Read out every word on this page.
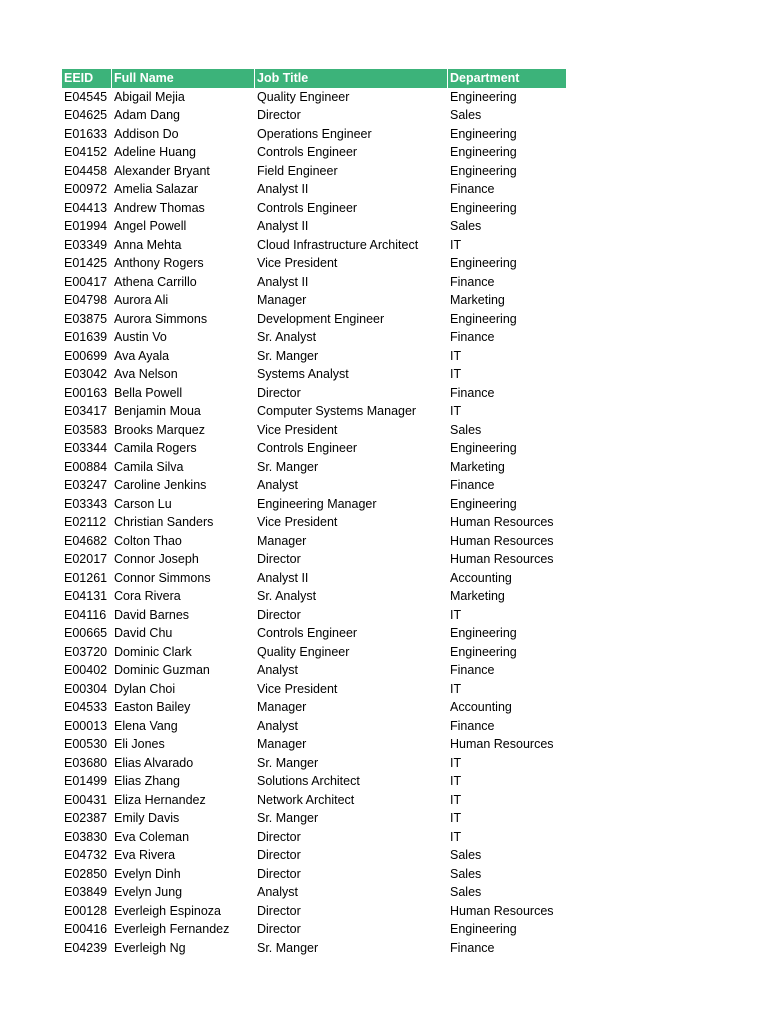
EEID	Full Name	Job Title	Department
E04545 Abigail Mejia	Quality Engineer	Engineering
E04625 Adam Dang	Director	Sales
E01633 Addison Do	Operations Engineer	Engineering
E04152 Adeline Huang	Controls Engineer	Engineering
E04458 Alexander Bryant	Field Engineer	Engineering
E00972 Amelia Salazar	Analyst II	Finance
E04413 Andrew Thomas	Controls Engineer	Engineering
E01994 Angel Powell	Analyst II	Sales
E03349 Anna Mehta	Cloud Infrastructure Architect	IT
E01425 Anthony Rogers	Vice President	Engineering
E00417 Athena Carrillo	Analyst II	Finance
E04798 Aurora Ali	Manager	Marketing
E03875 Aurora Simmons	Development Engineer	Engineering
E01639 Austin Vo	Sr. Analyst	Finance
E00699 Ava Ayala	Sr. Manger	IT
E03042 Ava Nelson	Systems Analyst	IT
E00163 Bella Powell	Director	Finance
E03417 Benjamin Moua	Computer Systems Manager	IT
E03583 Brooks Marquez	Vice President	Sales
E03344 Camila Rogers	Controls Engineer	Engineering
E00884 Camila Silva	Sr. Manger	Marketing
E03247 Caroline Jenkins	Analyst	Finance
E03343 Carson Lu	Engineering Manager	Engineering
E02112 Christian Sanders	Vice President	Human Resources
E04682 Colton Thao	Manager	Human Resources
E02017 Connor Joseph	Director	Human Resources
E01261 Connor Simmons	Analyst II	Accounting
E04131 Cora Rivera	Sr. Analyst	Marketing
E04116 David Barnes	Director	IT
E00665 David Chu	Controls Engineer	Engineering
E03720 Dominic Clark	Quality Engineer	Engineering
E00402 Dominic Guzman	Analyst	Finance
E00304 Dylan Choi	Vice President	IT
E04533 Easton Bailey	Manager	Accounting
E00013 Elena Vang	Analyst	Finance
E00530 Eli Jones	Manager	Human Resources
E03680 Elias Alvarado	Sr. Manger	IT
E01499 Elias Zhang	Solutions Architect	IT
E00431 Eliza Hernandez	Network Architect	IT
E02387 Emily Davis	Sr. Manger	IT
E03830 Eva Coleman	Director	IT
E04732 Eva Rivera	Director	Sales
E02850 Evelyn Dinh	Director	Sales
E03849 Evelyn Jung	Analyst	Sales
E00128 Everleigh Espinoza	Director	Human Resources
E00416 Everleigh Fernandez	Director	Engineering
E04239 Everleigh Ng	Sr. Manger	Finance
